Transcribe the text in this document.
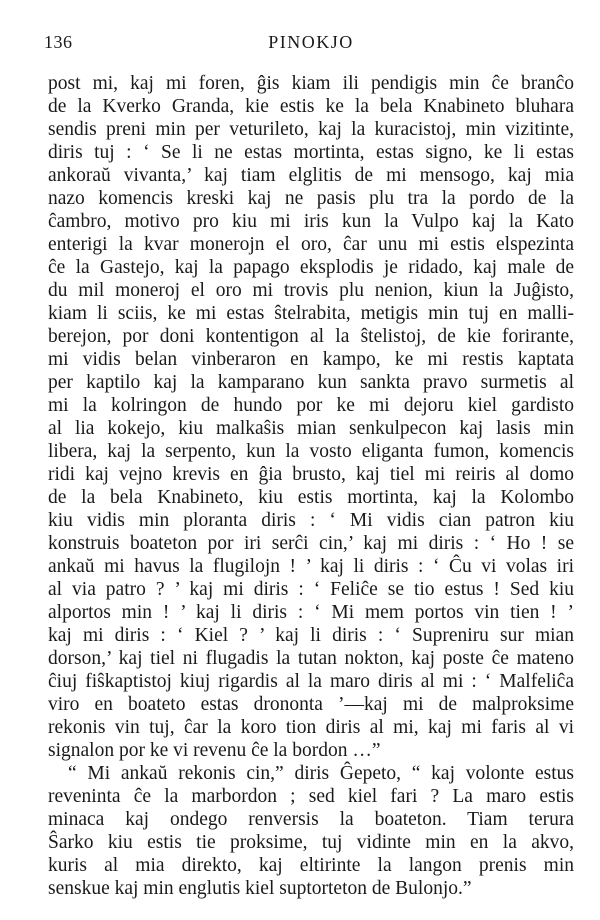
136	PINOKJO
post mi, kaj mi foren, ĝis kiam ili pendigis min ĉe branĉo
de la Kverko Granda, kie estis ke la bela Knabineto bluhara
sendis preni min per veturileto, kaj la kuracistoj, min vizitinte,
diris tuj : ‘ Se li ne estas mortinta, estas signo, ke li estas
ankoraŭ vivanta,’ kaj tiam elglitis de mi mensogo, kaj mia
nazo komencis kreski kaj ne pasis plu tra la pordo de la
ĉambro, motivo pro kiu mi iris kun la Vulpo kaj la Kato
enterigi la kvar monerojn el oro, ĉar unu mi estis elspezinta
ĉe la Gastejo, kaj la papago eksplodis je ridado, kaj male de
du mil moneroj el oro mi trovis plu nenion, kiun la Juĝisto,
kiam li sciis, ke mi estas ŝtelrabita, metigis min tuj en malli-
berejon, por doni kontentigon al la ŝtelistoj, de kie forirante,
mi vidis belan vinberaron en kampo, ke mi restis kaptata
per kaptilo kaj la kamparano kun sankta pravo surmetis al
mi la kolringon de hundo por ke mi dejoru kiel gardisto
al lia kokejo, kiu malkaŝis mian senkulpecon kaj lasis min
libera, kaj la serpento, kun la vosto eliganta fumon, komencis
ridi kaj vejno krevis en ĝia brusto, kaj tiel mi reiris al domo
de la bela Knabineto, kiu estis mortinta, kaj la Kolombo
kiu vidis min ploranta diris : ‘ Mi vidis cian patron kiu
konstruis boateton por iri serĉi cin,’ kaj mi diris : ‘ Ho ! se
ankaŭ mi havus la flugilojn ! ’ kaj li diris : ‘ Ĉu vi volas iri
al via patro ? ’ kaj mi diris : ‘ Feliĉe se tio estus ! Sed kiu
alportos min ! ’ kaj li diris : ‘ Mi mem portos vin tien ! ’
kaj mi diris : ‘ Kiel ? ’ kaj li diris : ‘ Supreniru sur mian
dorson,’ kaj tiel ni flugadis la tutan nokton, kaj poste ĉe mateno
ĉiuj fiŝkaptistoj kiuj rigardis al la maro diris al mi : ‘ Malfeliĉa
viro en boateto estas drononta ’—kaj mi de malproksime
rekonis vin tuj, ĉar la koro tion diris al mi, kaj mi faris al vi
signalon por ke vi revenu ĉe la bordon …”
“ Mi ankaŭ rekonis cin,” diris Ĝepeto, “ kaj volonte estus
reveninta ĉe la marbordon ; sed kiel fari ? La maro estis
minaca kaj ondego renversis la boateton. Tiam terura
Ŝarko kiu estis tie proksime, tuj vidinte min en la akvo,
kuris al mia direkto, kaj eltirinte la langon prenis min
senskue kaj min englutis kiel suptorteton de Bulonjo.”
